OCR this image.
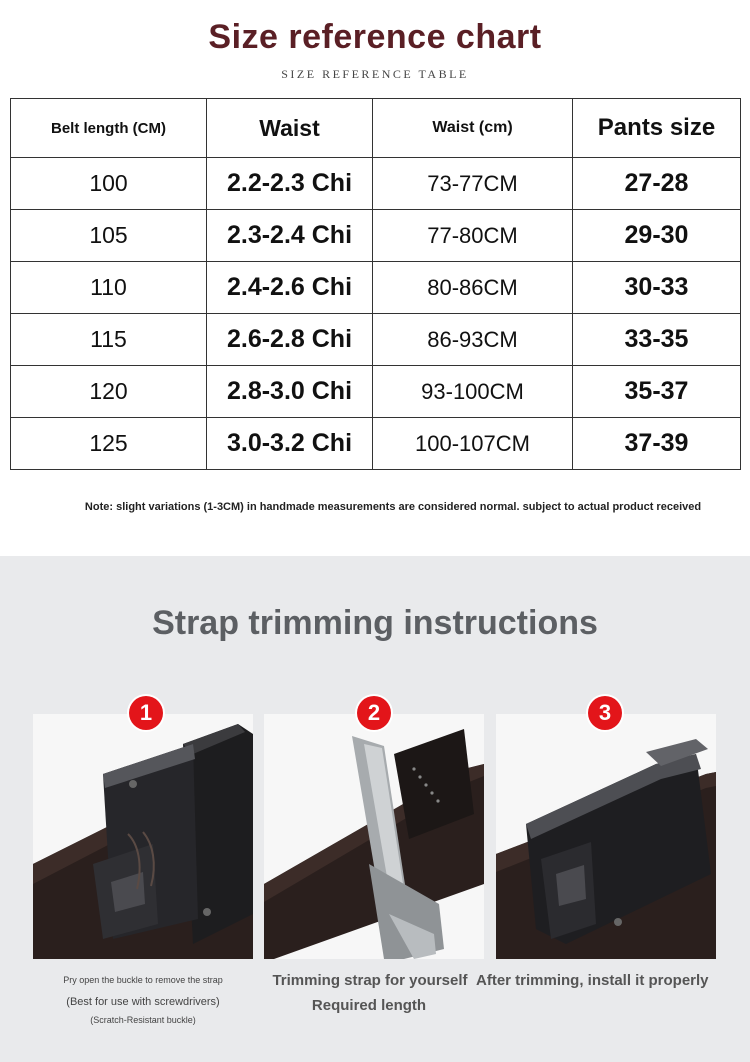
Size reference chart
SIZE REFERENCE TABLE
Belt length (CM)	Waist	Waist (cm)	Pants size
100	2.2-2.3 Chi	73-77CM	27-28
105	2.3-2.4 Chi	77-80CM	29-30
110	2.4-2.6 Chi	80-86CM	30-33
115	2.6-2.8 Chi	86-93CM	33-35
120	2.8-3.0 Chi	93-100CM	35-37
125	3.0-3.2 Chi	100-107CM	37-39
Note: slight variations (1-3CM) in handmade measurements are considered normal. subject to actual product received
Strap trimming instructions
1	2	3
Pry open the buckle to remove the strap
(Best for use with screwdrivers)
(Scratch-Resistant buckle)
Trimming strap for yourself
Required length
After trimming, install it properly
